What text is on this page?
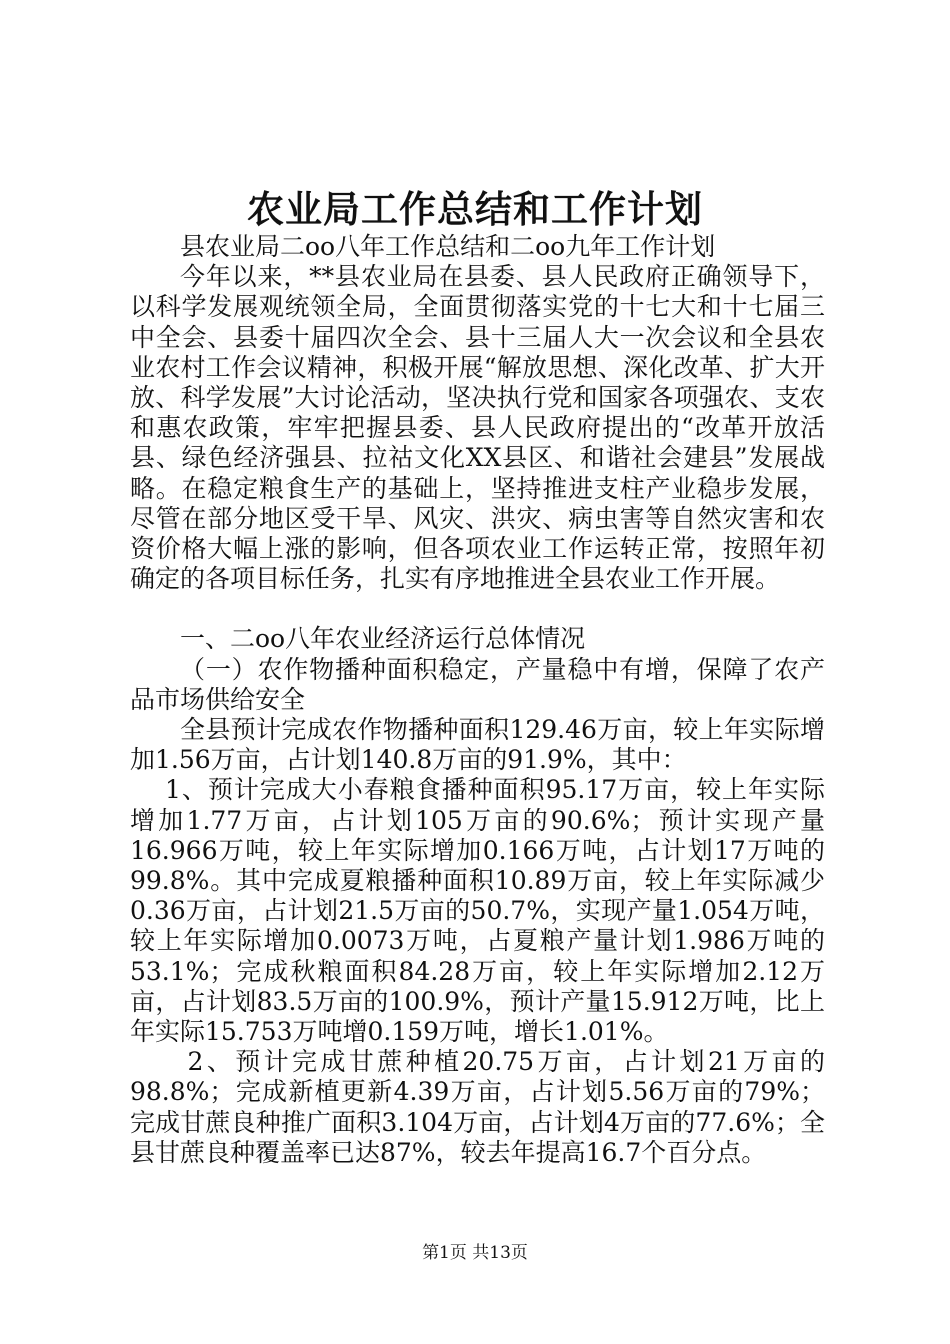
农业局工作总结和工作计划

县农业局二oo八年工作总结和二oo九年工作计划

今年以来，**县农业局在县委、县人民政府正确领导下，以科学发展观统领全局，全面贯彻落实党的十七大和十七届三中全会、县委十届四次全会、县十三届人大一次会议和全县农业农村工作会议精神，积极开展“解放思想、深化改革、扩大开放、科学发展”大讨论活动，坚决执行党和国家各项强农、支农和惠农政策，牢牢把握县委、县人民政府提出的“改革开放活县、绿色经济强县、拉祜文化XX县区、和谐社会建县”发展战略。在稳定粮食生产的基础上，坚持推进支柱产业稳步发展，尽管在部分地区受干旱、风灾、洪灾、病虫害等自然灾害和农资价格大幅上涨的影响，但各项农业工作运转正常，按照年初确定的各项目标任务，扎实有序地推进全县农业工作开展。

一、二oo八年农业经济运行总体情况

（一）农作物播种面积稳定，产量稳中有增，保障了农产品市场供给安全

全县预计完成农作物播种面积129.46万亩，较上年实际增加1.56万亩，占计划140.8万亩的91.9%，其中：

1、预计完成大小春粮食播种面积95.17万亩，较上年实际增加1.77万亩，占计划105万亩的90.6%；预计实现产量16.966万吨，较上年实际增加0.166万吨，占计划17万吨的99.8%。其中完成夏粮播种面积10.89万亩，较上年实际减少0.36万亩，占计划21.5万亩的50.7%，实现产量1.054万吨，较上年实际增加0.0073万吨，占夏粮产量计划1.986万吨的53.1%；完成秋粮面积84.28万亩，较上年实际增加2.12万亩，占计划83.5万亩的100.9%，预计产量15.912万吨，比上年实际15.753万吨增0.159万吨，增长1.01%。

2、预计完成甘蔗种植20.75万亩，占计划21万亩的98.8%；完成新植更新4.39万亩，占计划5.56万亩的79%；完成甘蔗良种推广面积3.104万亩，占计划4万亩的77.6%；全县甘蔗良种覆盖率已达87%，较去年提高16.7个百分点。

第1页 共13页
